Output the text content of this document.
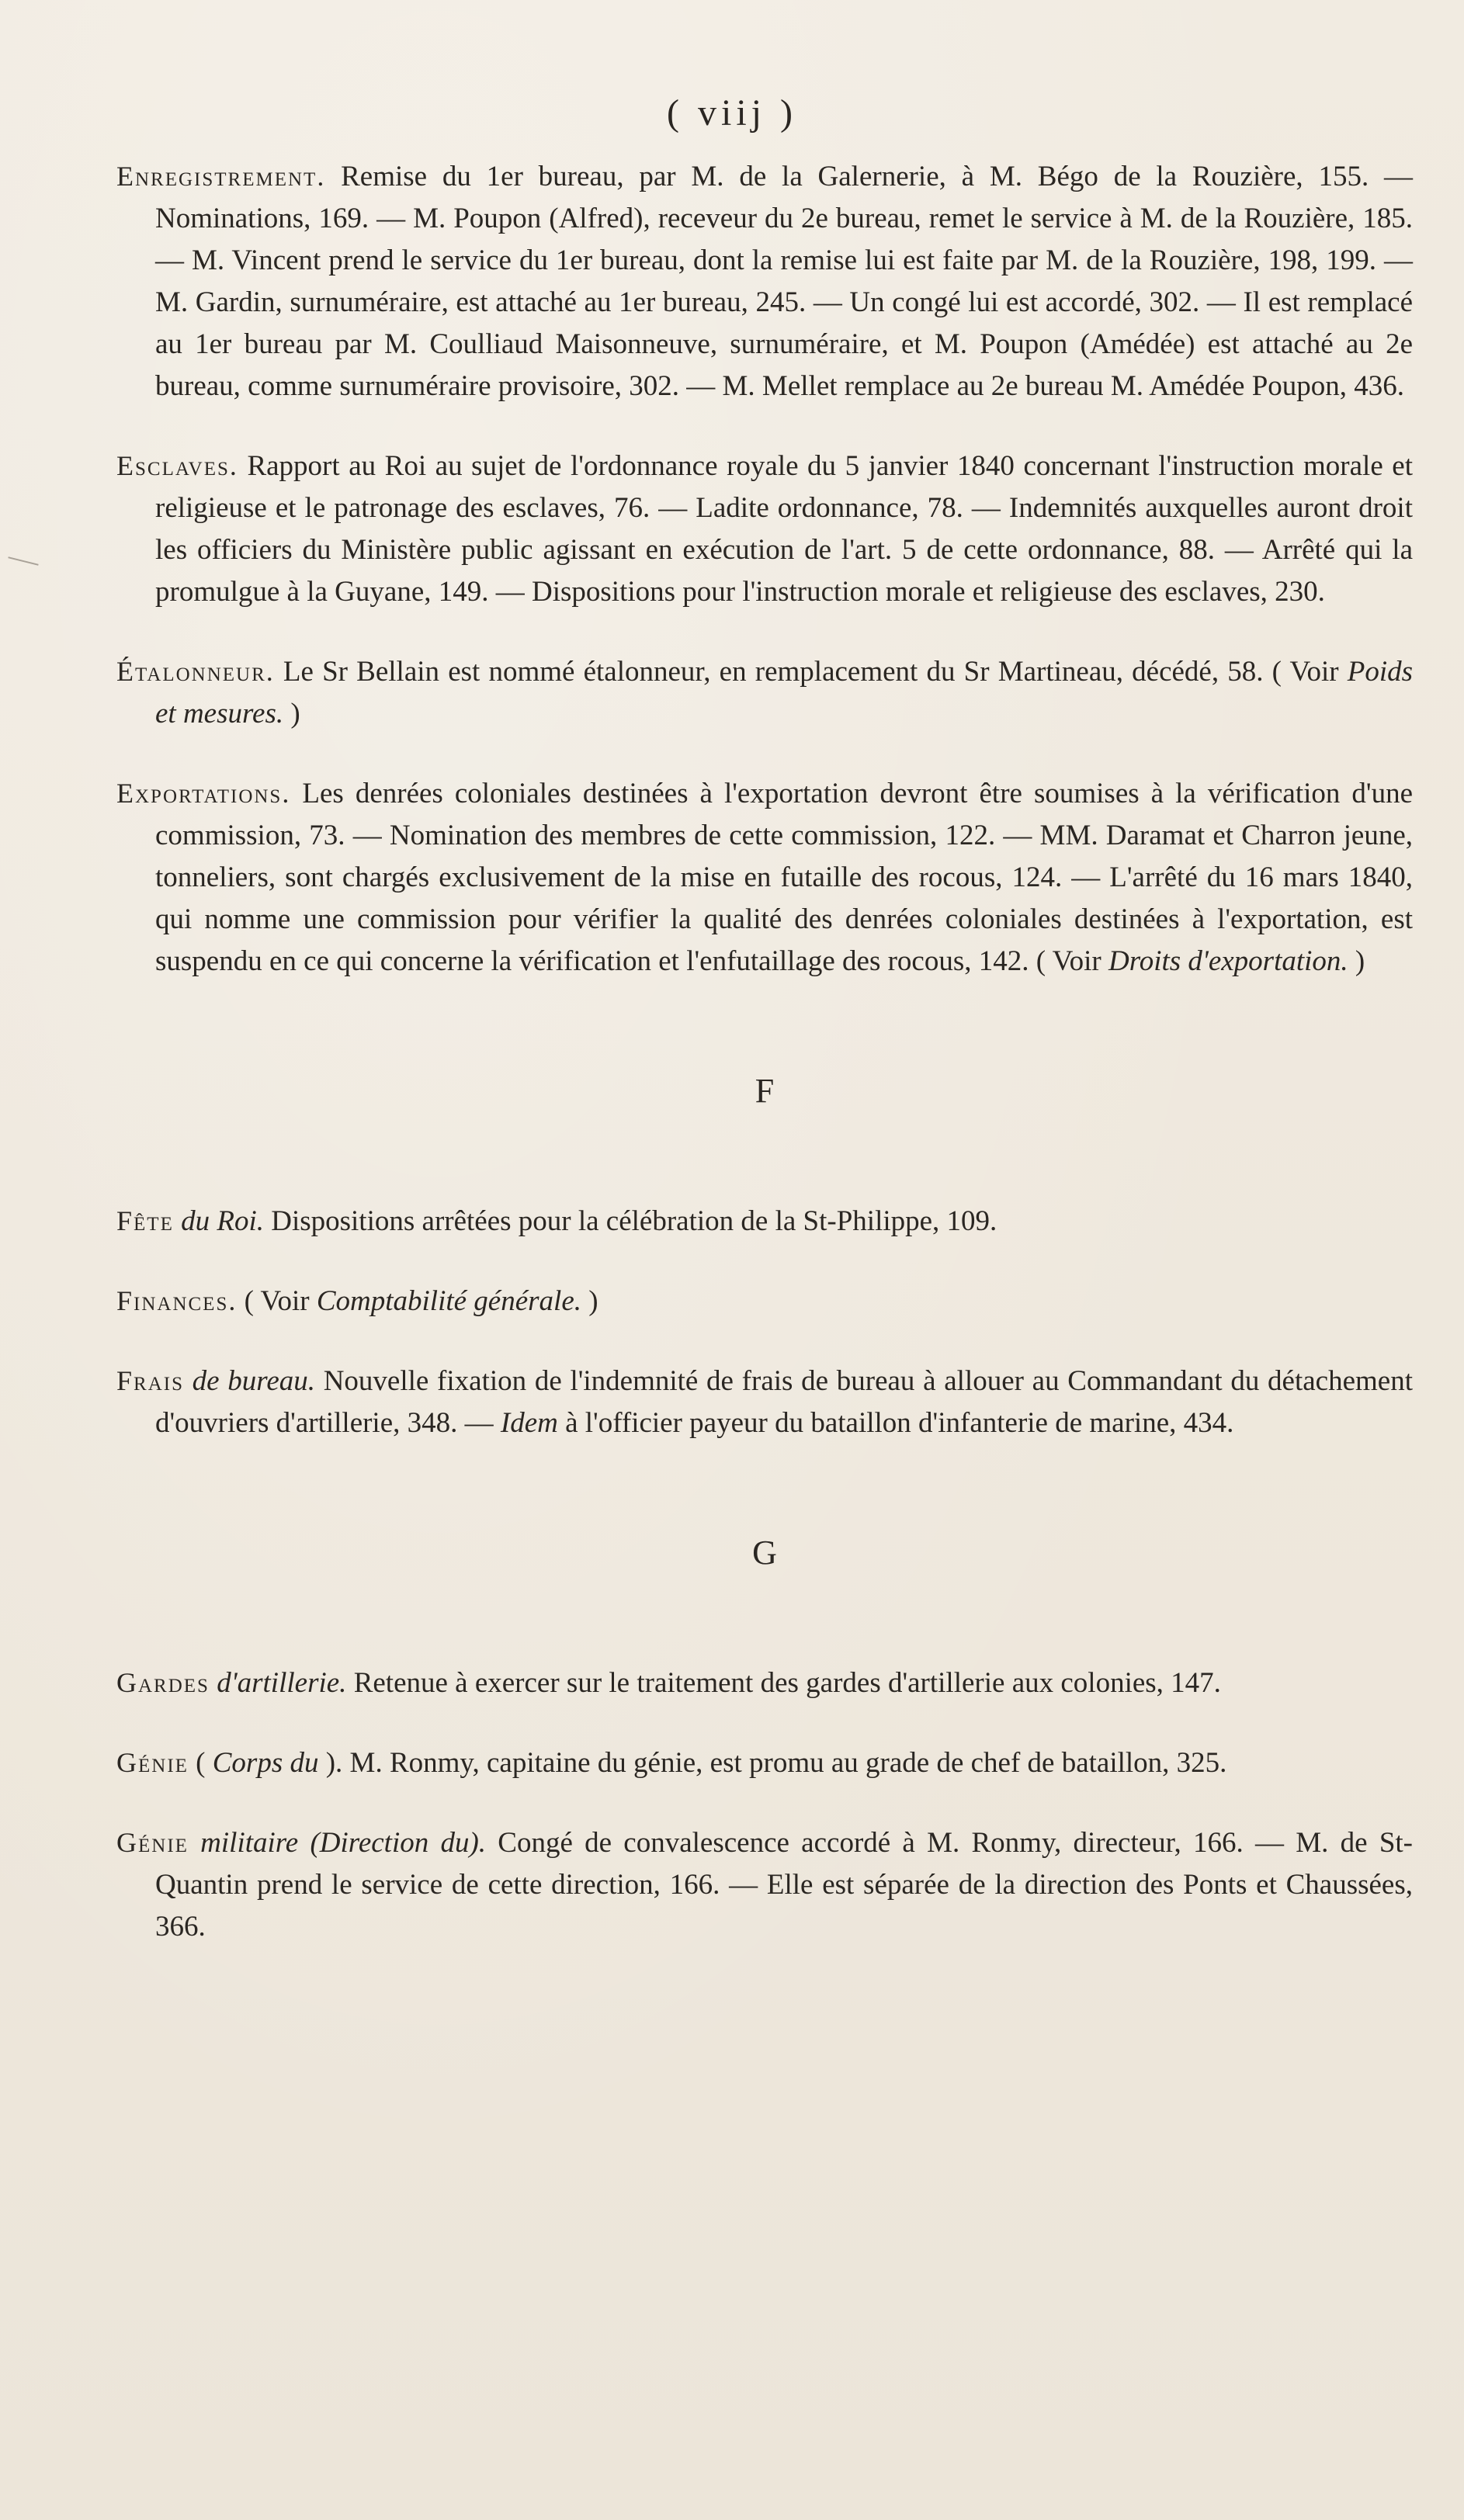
( viij )

Enregistrement. Remise du 1er bureau, par M. de la Galernerie, à M. Bégo de la Rouzière, 155. — Nominations, 169. — M. Poupon (Alfred), receveur du 2e bureau, remet le service à M. de la Rouzière, 185. — M. Vincent prend le service du 1er bureau, dont la remise lui est faite par M. de la Rouzière, 198, 199. — M. Gardin, surnuméraire, est attaché au 1er bureau, 245. — Un congé lui est accordé, 302. — Il est remplacé au 1er bureau par M. Coulliaud Maisonneuve, surnuméraire, et M. Poupon (Amédée) est attaché au 2e bureau, comme surnuméraire provisoire, 302. — M. Mellet remplace au 2e bureau M. Amédée Poupon, 436.

Esclaves. Rapport au Roi au sujet de l'ordonnance royale du 5 janvier 1840 concernant l'instruction morale et religieuse et le patronage des esclaves, 76. — Ladite ordonnance, 78. — Indemnités auxquelles auront droit les officiers du Ministère public agissant en exécution de l'art. 5 de cette ordonnance, 88. — Arrêté qui la promulgue à la Guyane, 149. — Dispositions pour l'instruction morale et religieuse des esclaves, 230.

Étalonneur. Le Sr Bellain est nommé étalonneur, en remplacement du Sr Martineau, décédé, 58. ( Voir Poids et mesures. )

Exportations. Les denrées coloniales destinées à l'exportation devront être soumises à la vérification d'une commission, 73. — Nomination des membres de cette commission, 122. — MM. Daramat et Charron jeune, tonneliers, sont chargés exclusivement de la mise en futaille des rocous, 124. — L'arrêté du 16 mars 1840, qui nomme une commission pour vérifier la qualité des denrées coloniales destinées à l'exportation, est suspendu en ce qui concerne la vérification et l'enfutaillage des rocous, 142. ( Voir Droits d'exportation. )

F

Fête du Roi. Dispositions arrêtées pour la célébration de la St-Philippe, 109.

Finances. ( Voir Comptabilité générale. )

Frais de bureau. Nouvelle fixation de l'indemnité de frais de bureau à allouer au Commandant du détachement d'ouvriers d'artillerie, 348. — Idem à l'officier payeur du bataillon d'infanterie de marine, 434.

G

Gardes d'artillerie. Retenue à exercer sur le traitement des gardes d'artillerie aux colonies, 147.

Génie ( Corps du ). M. Ronmy, capitaine du génie, est promu au grade de chef de bataillon, 325.

Génie militaire (Direction du). Congé de convalescence accordé à M. Ronmy, directeur, 166. — M. de St-Quantin prend le service de cette direction, 166. — Elle est séparée de la direction des Ponts et Chaussées, 366.
